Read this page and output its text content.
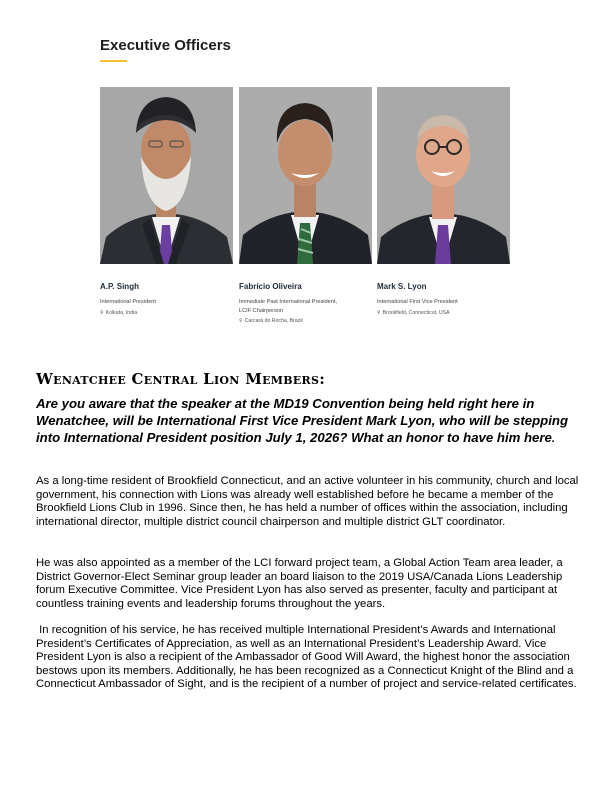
Executive Officers

A.P. Singh

International President

⚲ Kolkata, India

Fabrício Oliveira

Immediate Past International President,

LCIF Chairperson

⚲ Carcará do Rocha, Brazil

Mark S. Lyon

International First Vice President

⚲ Brookfield, Connecticut, USA

Wenatchee Central Lion Members:

Are you aware that the speaker at the MD19 Convention being held right here in Wenatchee, will be International First Vice President Mark Lyon, who will be stepping into International President position July 1, 2026? What an honor to have him here.

As a long-time resident of Brookfield Connecticut, and an active volunteer in his community, church and local government, his connection with Lions was already well established before he became a member of the Brookfield Lions Club in 1996. Since then, he has held a number of offices within the association, including international director, multiple district council chairperson and multiple district GLT coordinator.

He was also appointed as a member of the LCI forward project team, a Global Action Team area leader, a District Governor-Elect Seminar group leader an board liaison to the 2019 USA/Canada Lions Leadership forum Executive Committee. Vice President Lyon has also served as presenter, faculty and participant at countless training events and leadership forums throughout the years.

In recognition of his service, he has received multiple International President’s Awards and International President’s Certificates of Appreciation, as well as an International President’s Leadership Award. Vice President Lyon is also a recipient of the Ambassador of Good Will Award, the highest honor the association bestows upon its members. Additionally, he has been recognized as a Connecticut Knight of the Blind and a Connecticut Ambassador of Sight, and is the recipient of a number of project and service-related certificates.
